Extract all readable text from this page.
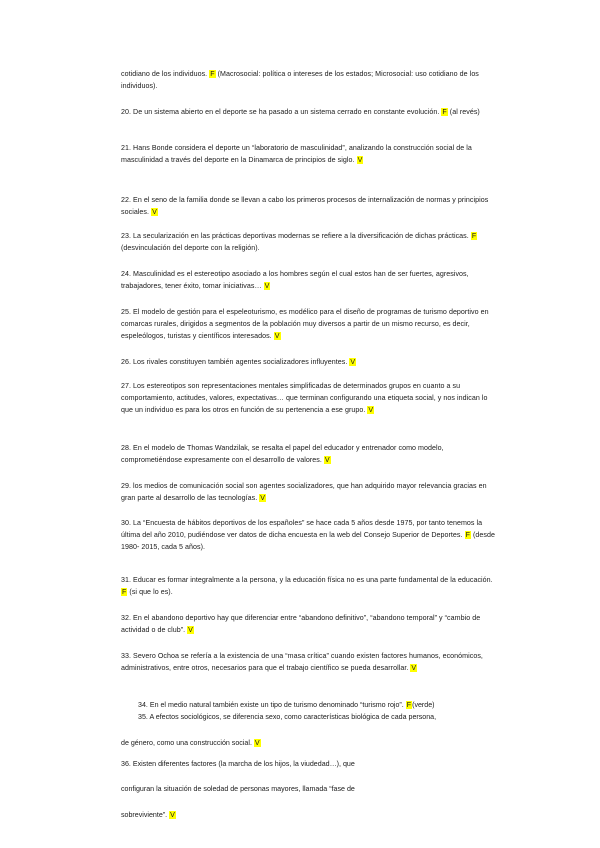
cotidiano de los individuos. F (Macrosocial: política o intereses de los estados; Microsocial: uso cotidiano de los individuos).
20. De un sistema abierto en el deporte se ha pasado a un sistema cerrado en constante evolución. F (al revés)
21. Hans Bonde considera el deporte un “laboratorio de masculinidad”, analizando la construcción social de la masculinidad a través del deporte en la Dinamarca de principios de siglo. V
22. En el seno de la familia donde se llevan a cabo los primeros procesos de internalización de normas y principios sociales. V
23. La secularización en las prácticas deportivas modernas se refiere a la diversificación de dichas prácticas. F (desvinculación del deporte con la religión).
24. Masculinidad es el estereotipo asociado a los hombres según el cual estos han de ser fuertes, agresivos, trabajadores, tener éxito, tomar iniciativas… V
25. El modelo de gestión para el espeleoturismo, es modélico para el diseño de programas de turismo deportivo en comarcas rurales, dirigidos a segmentos de la población muy diversos a partir de un mismo recurso, es decir, espeleólogos, turistas y científicos interesados. V
26. Los rivales constituyen también agentes socializadores influyentes. V
27. Los estereotipos son representaciones mentales simplificadas de determinados grupos en cuanto a su comportamiento, actitudes, valores, expectativas… que terminan configurando una etiqueta social, y nos indican lo que un individuo es para los otros en función de su pertenencia a ese grupo. V
28. En el modelo de Thomas Wandzilak, se resalta el papel del educador y entrenador como modelo, comprometiéndose expresamente con el desarrollo de valores. V
29. los medios de comunicación social son agentes socializadores, que han adquirido mayor relevancia gracias en gran parte al desarrollo de las tecnologías. V
30. La “Encuesta de hábitos deportivos de los españoles” se hace cada 5 años desde 1975, por tanto tenemos la última del año 2010, pudiéndose ver datos de dicha encuesta en la web del Consejo Superior de Deportes. F (desde 1980- 2015, cada 5 años).
31. Educar es formar integralmente a la persona, y la educación física no es una parte fundamental de la educación. F (si que lo es).
32. En el abandono deportivo hay que diferenciar entre “abandono definitivo”, “abandono temporal” y “cambio de actividad o de club”. V
33. Severo Ochoa se refería a la existencia de una “masa crítica” cuando existen factores humanos, económicos, administrativos, entre otros, necesarios para que el trabajo científico se pueda desarrollar. V
34. En el medio natural también existe un tipo de turismo denominado “turismo rojo”. F(verde)
35. A efectos sociológicos, se diferencia sexo, como características biológica de cada persona,
de género, como una construcción social. V
36. Existen diferentes factores (la marcha de los hijos, la viudedad…), que
configuran la situación de soledad de personas mayores, llamada “fase de
sobreviviente”. V
